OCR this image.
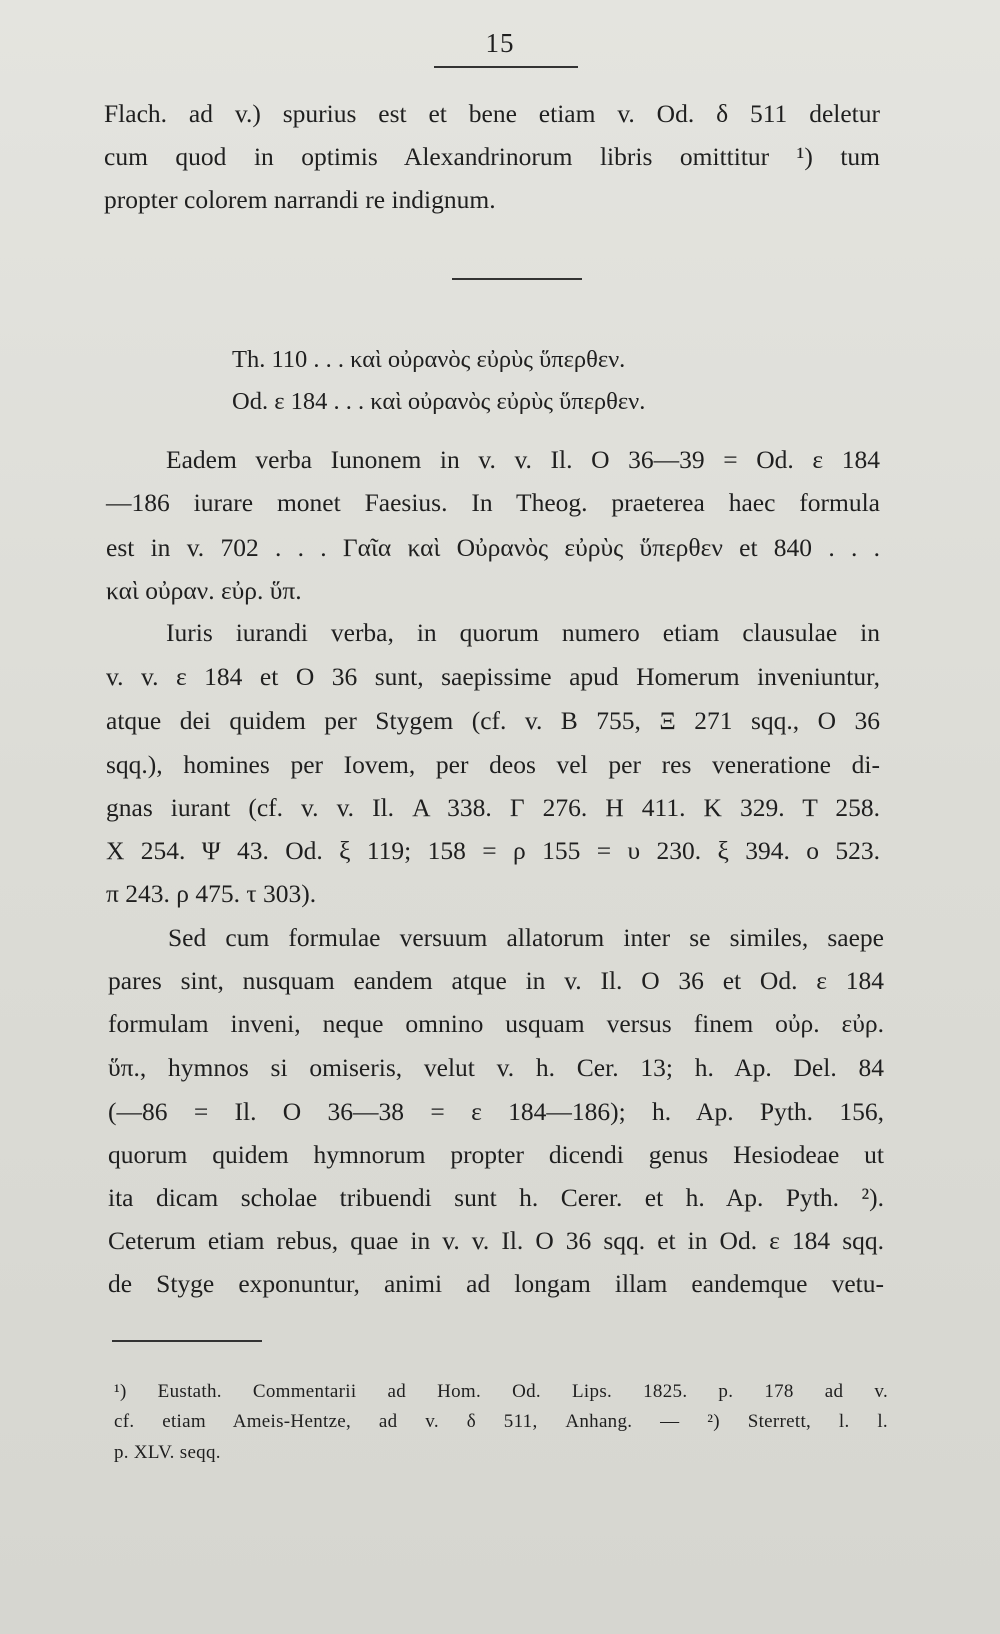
15
Flach. ad v.) spurius est et bene etiam v. Od. δ 511 deletur
cum quod in optimis Alexandrinorum libris omittitur ¹) tum
propter colorem narrandi re indignum.
Th. 110 . . . καὶ οὐρανὸς εὐρὺς ὕπερθεν.
Od. ε 184 . . . καὶ οὐρανὸς εὐρὺς ὕπερθεν.
Eadem verba Iunonem in v. v. Il. Ο 36—39 = Od. ε 184
—186 iurare monet Faesius. In Theog. praeterea haec formula
est in v. 702 . . . Γαῖα καὶ Οὐρανὸς εὐρὺς ὕπερθεν et 840 . . .
καὶ οὐραν. εὐρ. ὕπ.
Iuris iurandi verba, in quorum numero etiam clausulae in
v. v. ε 184 et Ο 36 sunt, saepissime apud Homerum inveniuntur,
atque dei quidem per Stygem (cf. v. Β 755, Ξ 271 sqq., Ο 36
sqq.), homines per Iovem, per deos vel per res veneratione di-
gnas iurant (cf. v. v. Il. Α 338. Γ 276. Η 411. Κ 329. Τ 258.
Χ 254. Ψ 43. Od. ξ 119; 158 = ρ 155 = υ 230. ξ 394. ο 523.
π 243. ρ 475. τ 303).
Sed cum formulae versuum allatorum inter se similes, saepe
pares sint, nusquam eandem atque in v. Il. Ο 36 et Od. ε 184
formulam inveni, neque omnino usquam versus finem οὐρ. εὐρ.
ὕπ., hymnos si omiseris, velut v. h. Cer. 13; h. Ap. Del. 84
(—86 = Il. Ο 36—38 = ε 184—186); h. Ap. Pyth. 156,
quorum quidem hymnorum propter dicendi genus Hesiodeae ut
ita dicam scholae tribuendi sunt h. Cerer. et h. Ap. Pyth. ²).
Ceterum etiam rebus, quae in v. v. Il. Ο 36 sqq. et in Od. ε 184 sqq.
de Styge exponuntur, animi ad longam illam eandemque vetu-
¹) Eustath. Commentarii ad Hom. Od. Lips. 1825. p. 178 ad v.
cf. etiam Ameis-Hentze, ad v. δ 511, Anhang. — ²) Sterrett, l. l.
p. XLV. seqq.
